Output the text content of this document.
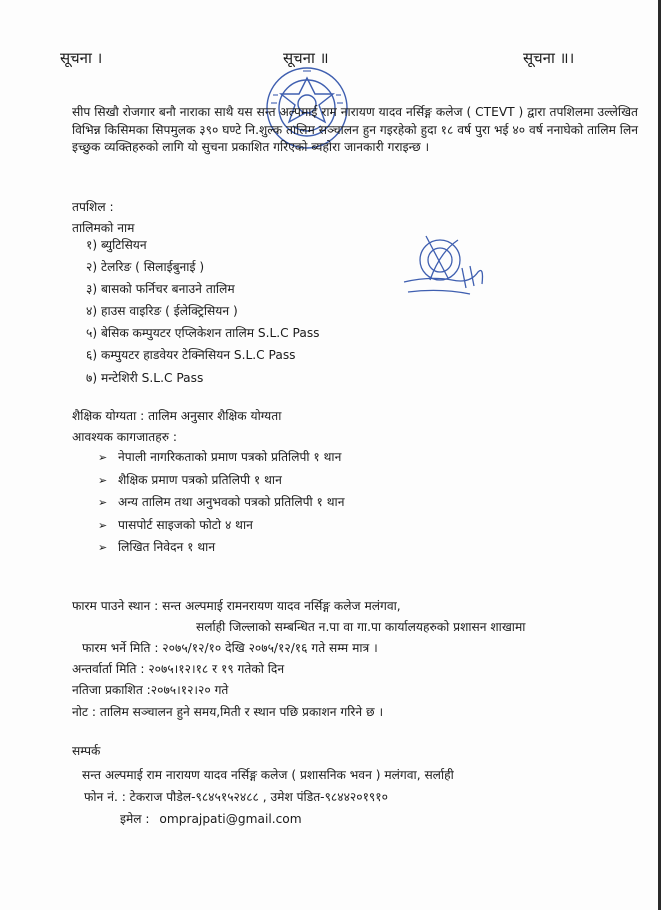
सूचना ।	सूचना ॥	सूचना ॥।
सीप सिखौ रोजगार बनौ नाराका साथै यस सन्त अल्पमाई राम नारायण यादव नर्सिङ्ग कलेज ( CTEVT ) द्वारा तपशिलमा उल्लेखित विभिन्न किसिमका सिपमुलक ३९० घण्टे नि.शुल्क तालिम सञ्चालन हुन गइरहेको हुदा १८ वर्ष पुरा भई ४० वर्ष ननाघेको तालिम लिन इच्छुक व्यक्तिहरुको लागि यो सुचना प्रकाशित गरिएको ब्यहोरा जानकारी गराइन्छ ।
तपशिल :
तालिमको नाम
१) ब्युटिसियन
२) टेलरिङ ( सिलाईबुनाई )
३) बासको फर्निचर बनाउने तालिम
४) हाउस वाइरिङ ( ईलेक्ट्रिसियन )
५) बेसिक कम्पुयटर एप्लिकेशन तालिम S.L.C Pass
६) कम्पुयटर हाडवेयर टेक्निसियन S.L.C Pass
७) मन्टेशिरी S.L.C Pass
शैक्षिक योग्यता : तालिम अनुसार शैक्षिक योग्यता
आवश्यक कागजातहरु :
➢ नेपाली नागरिकताको प्रमाण पत्रको प्रतिलिपी १ थान
➢ शैक्षिक प्रमाण पत्रको प्रतिलिपी १ थान
➢ अन्य तालिम तथा अनुभवको पत्रको प्रतिलिपी १ थान
➢ पासपोर्ट साइजको फोटो ४ थान
➢ लिखित निवेदन १ थान
फारम पाउने स्थान : सन्त अल्पमाई रामनरायण यादव नर्सिङ्ग कलेज मलंगवा,
सर्लाही जिल्लाको सम्बन्धित न.पा वा गा.पा कार्यालयहरुको प्रशासन शाखामा
फारम भर्ने मिति : २०७५/१२/१० देखि २०७५/१२/१६ गते सम्म मात्र ।
अन्तर्वार्ता मिति : २०७५।१२।१८ र १९ गतेको दिन
नतिजा प्रकाशित :२०७५।१२।२० गते
नोट : तालिम सञ्चालन हुने समय,मिती र स्थान पछि प्रकाशन गरिने छ ।
सम्पर्क
सन्त अल्पमाई राम नारायण यादव नर्सिङ्ग कलेज ( प्रशासनिक भवन ) मलंगवा, सर्लाही
फोन नं. : टेकराज पौडेल-९८४५१५२४८८ , उमेश पंडित-९८४४२०१९१०
इमेल : omprajpati@gmail.com
